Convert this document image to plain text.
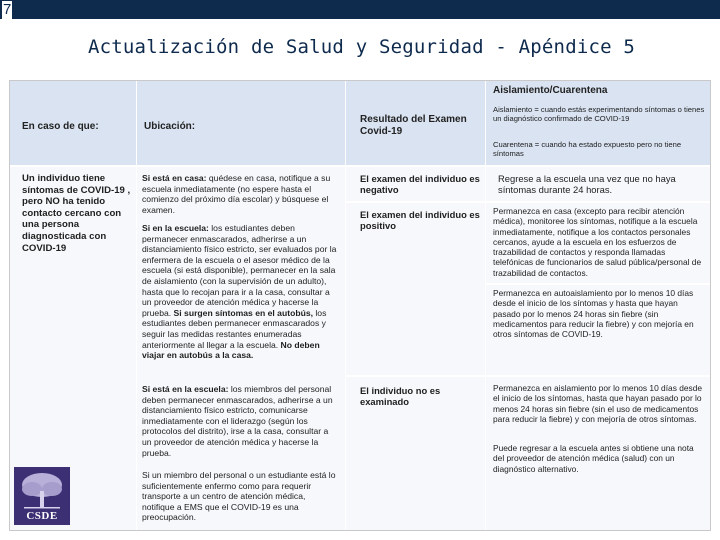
7
Actualización de Salud y Seguridad - Apéndice 5
En caso de que:	Ubicación:
Resultado del Examen Covid-19
Aislamiento/Cuarentena
Aislamiento = cuando estás experimentando síntomas o tienes un diagnóstico confirmado de COVID-19
Cuarentena = cuando ha estado expuesto pero no tiene síntomas
Un individuo tiene síntomas de COVID-19 , pero NO ha tenido contacto cercano con una persona diagnosticada con COVID-19
Si está en casa: quédese en casa, notifique a su escuela inmediatamente (no espere hasta el comienzo del próximo día escolar) y búsquese el examen.
Si en la escuela: los estudiantes deben permanecer enmascarados, adherirse a un distanciamiento físico estricto, ser evaluados por la enfermera de la escuela o el asesor médico de la escuela (si está disponible), permanecer en la sala de aislamiento (con la supervisión de un adulto), hasta que lo recojan para ir a la casa, consultar a un proveedor de atención médica y hacerse la prueba. Si surgen síntomas en el autobús, los estudiantes deben permanecer enmascarados y seguir las medidas restantes enumeradas anteriormente al llegar a la escuela. No deben viajar en autobús a la casa.
Si está en la escuela: los miembros del personal deben permanecer enmascarados, adherirse a un distanciamiento físico estricto, comunicarse inmediatamente con el liderazgo (según los protocolos del distrito), irse a la casa, consultar a un proveedor de atención médica y hacerse la prueba.
Si un miembro del personal o un estudiante está lo suficientemente enfermo como para requerir transporte a un centro de atención médica, notifique a EMS que el COVID-19 es una preocupación.
El examen del individuo es negativo
El examen del individuo es positivo
El individuo no es examinado
Regrese a la escuela una vez que no haya síntomas durante 24 horas.
Permanezca en casa (excepto para recibir atención médica), monitoree los síntomas, notifique a la escuela inmediatamente, notifique a los contactos personales cercanos, ayude a la escuela en los esfuerzos de trazabilidad de contactos y responda llamadas telefónicas de funcionarios de salud pública/personal de trazabilidad de contactos.
Permanezca en autoaislamiento por lo menos 10 días desde el inicio de los síntomas y hasta que hayan pasado por lo menos 24 horas sin fiebre (sin medicamentos para reducir la fiebre) y con mejoría en otros síntomas de COVID-19.
Permanezca en aislamiento por lo menos 10 días desde el inicio de los síntomas, hasta que hayan pasado por lo menos 24 horas sin fiebre (sin el uso de medicamentos para reducir la fiebre) y con mejoría de otros síntomas.
Puede regresar a la escuela antes si obtiene una nota del proveedor de atención médica (salud) con un diagnóstico alternativo.
CSDE
